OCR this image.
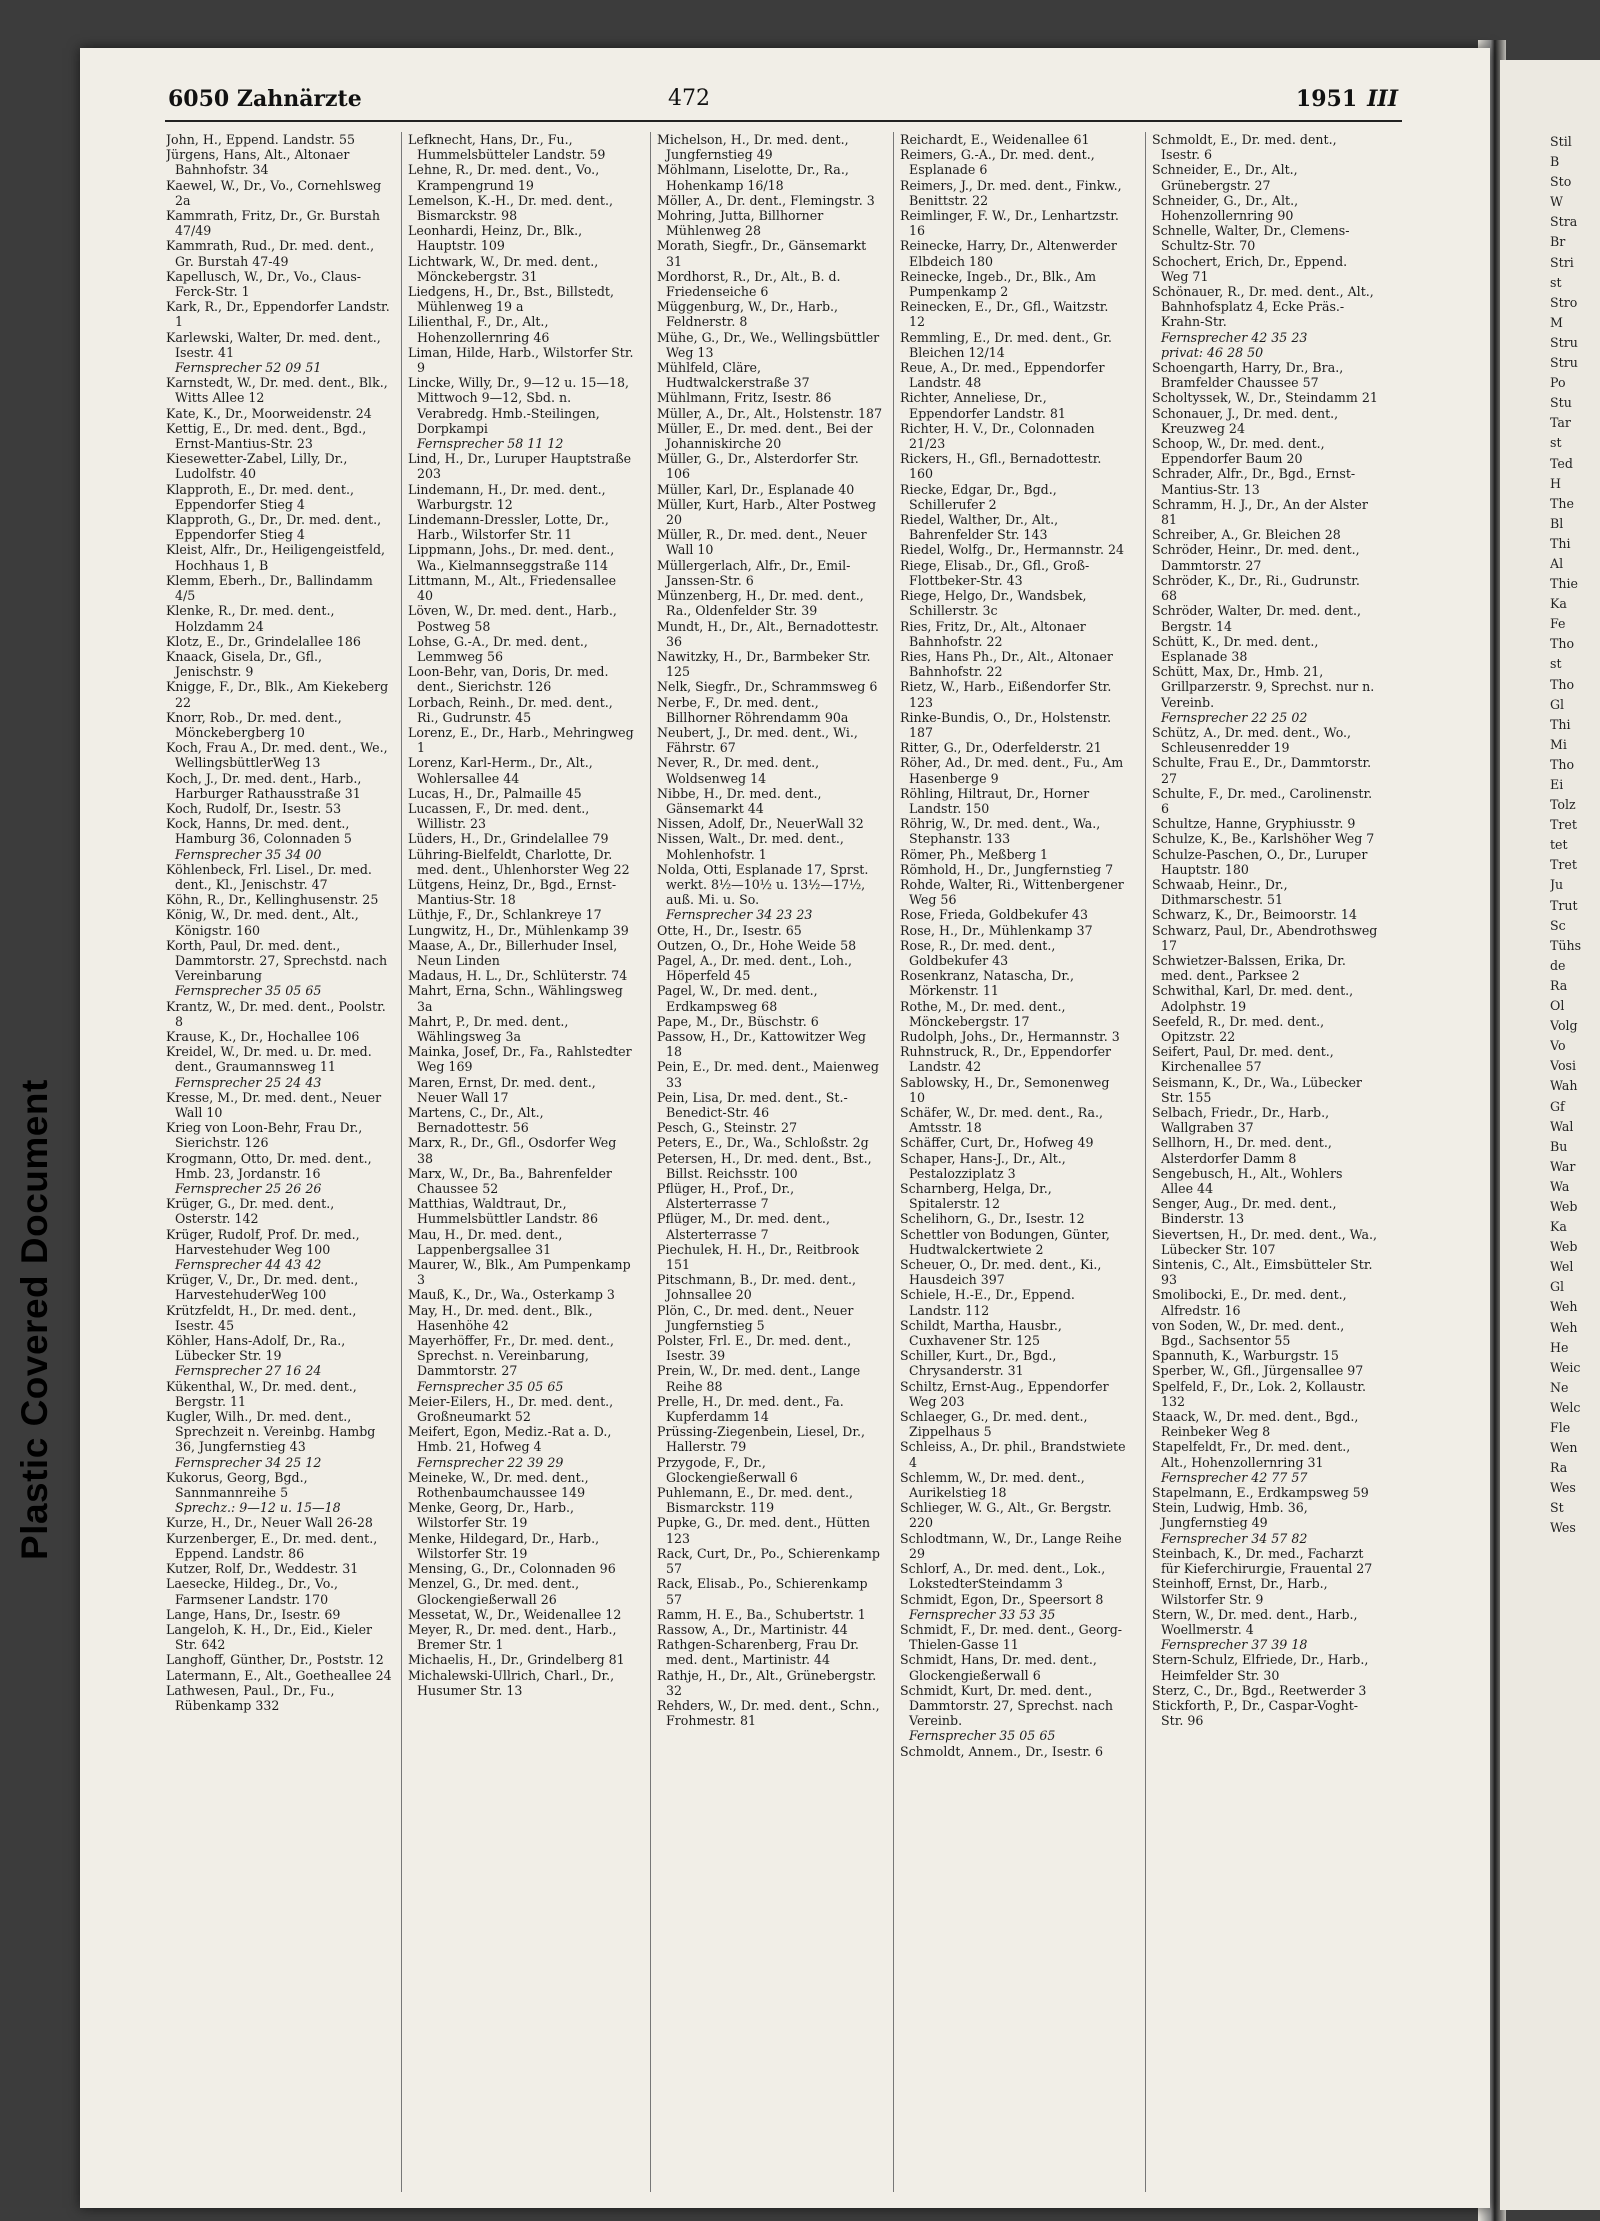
Plastic Covered Document
6050 Zahnärzte	472	1951 III

John, H., Eppend. Landstr. 55

Jürgens, Hans, Alt., Altonaer Bahnhofstr. 34

Kaewel, W., Dr., Vo., Cornehlsweg 2a

Kammrath, Fritz, Dr., Gr. Burstah 47/49

Kammrath, Rud., Dr. med. dent., Gr. Burstah 47-49

Kapellusch, W., Dr., Vo., Claus-Ferck-Str. 1

Kark, R., Dr., Eppendorfer Landstr. 1

Karlewski, Walter, Dr. med. dent., Isestr. 41

Fernsprecher 52 09 51

Karnstedt, W., Dr. med. dent., Blk., Witts Allee 12

Kate, K., Dr., Moorweidenstr. 24

Kettig, E., Dr. med. dent., Bgd., Ernst-Mantius-Str. 23

Kiesewetter-Zabel, Lilly, Dr., Ludolfstr. 40

Klapproth, E., Dr. med. dent., Eppendorfer Stieg 4

Klapproth, G., Dr., Dr. med. dent., Eppendorfer Stieg 4

Kleist, Alfr., Dr., Heiligengeistfeld, Hochhaus 1, B

Klemm, Eberh., Dr., Ballindamm 4/5

Klenke, R., Dr. med. dent., Holzdamm 24

Klotz, E., Dr., Grindelallee 186

Knaack, Gisela, Dr., Gfl., Jenischstr. 9

Knigge, F., Dr., Blk., Am Kiekeberg 22

Knorr, Rob., Dr. med. dent., Mönckebergberg 10

Koch, Frau A., Dr. med. dent., We., WellingsbüttlerWeg 13

Koch, J., Dr. med. dent., Harb., Harburger Rathausstraße 31

Koch, Rudolf, Dr., Isestr. 53

Kock, Hanns, Dr. med. dent., Hamburg 36, Colonnaden 5

Fernsprecher 35 34 00

Köhlenbeck, Frl. Lisel., Dr. med. dent., Kl., Jenischstr. 47

Köhn, R., Dr., Kellinghusenstr. 25

König, W., Dr. med. dent., Alt., Königstr. 160

Korth, Paul, Dr. med. dent., Dammtorstr. 27, Sprechstd. nach Vereinbarung

Fernsprecher 35 05 65

Krantz, W., Dr. med. dent., Poolstr. 8

Krause, K., Dr., Hochallee 106

Kreidel, W., Dr. med. u. Dr. med. dent., Graumannsweg 11

Fernsprecher 25 24 43

Kresse, M., Dr. med. dent., Neuer Wall 10

Krieg von Loon-Behr, Frau Dr., Sierichstr. 126

Krogmann, Otto, Dr. med. dent., Hmb. 23, Jordanstr. 16

Fernsprecher 25 26 26

Krüger, G., Dr. med. dent., Osterstr. 142

Krüger, Rudolf, Prof. Dr. med., Harvestehuder Weg 100

Fernsprecher 44 43 42

Krüger, V., Dr., Dr. med. dent., HarvestehuderWeg 100

Krützfeldt, H., Dr. med. dent., Isestr. 45

Köhler, Hans-Adolf, Dr., Ra., Lübecker Str. 19

Fernsprecher 27 16 24

Kükenthal, W., Dr. med. dent., Bergstr. 11

Kugler, Wilh., Dr. med. dent., Sprechzeit n. Vereinbg. Hambg 36, Jungfernstieg 43

Fernsprecher 34 25 12

Kukorus, Georg, Bgd., Sannmannreihe 5

Sprechz.: 9—12 u. 15—18

Kurze, H., Dr., Neuer Wall 26-28

Kurzenberger, E., Dr. med. dent., Eppend. Landstr. 86

Kutzer, Rolf, Dr., Weddestr. 31

Laesecke, Hildeg., Dr., Vo., Farmsener Landstr. 170

Lange, Hans, Dr., Isestr. 69

Langeloh, K. H., Dr., Eid., Kieler Str. 642

Langhoff, Günther, Dr., Poststr. 12

Latermann, E., Alt., Goetheallee 24

Lathwesen, Paul., Dr., Fu., Rübenkamp 332

Lefknecht, Hans, Dr., Fu., Hummelsbütteler Landstr. 59

Lehne, R., Dr. med. dent., Vo., Krampengrund 19

Lemelson, K.-H., Dr. med. dent., Bismarckstr. 98

Leonhardi, Heinz, Dr., Blk., Hauptstr. 109

Lichtwark, W., Dr. med. dent., Mönckebergstr. 31

Liedgens, H., Dr., Bst., Billstedt, Mühlenweg 19 a

Lilienthal, F., Dr., Alt., Hohenzollernring 46

Liman, Hilde, Harb., Wilstorfer Str. 9

Lincke, Willy, Dr., 9—12 u. 15—18, Mittwoch 9—12, Sbd. n. Verabredg. Hmb.-Steilingen, Dorpkampi

Fernsprecher 58 11 12

Lind, H., Dr., Luruper Hauptstraße 203

Lindemann, H., Dr. med. dent., Warburgstr. 12

Lindemann-Dressler, Lotte, Dr., Harb., Wilstorfer Str. 11

Lippmann, Johs., Dr. med. dent., Wa., Kielmannseggstraße 114

Littmann, M., Alt., Friedensallee 40

Löven, W., Dr. med. dent., Harb., Postweg 58

Lohse, G.-A., Dr. med. dent., Lemmweg 56

Loon-Behr, van, Doris, Dr. med. dent., Sierichstr. 126

Lorbach, Reinh., Dr. med. dent., Ri., Gudrunstr. 45

Lorenz, E., Dr., Harb., Mehringweg 1

Lorenz, Karl-Herm., Dr., Alt., Wohlersallee 44

Lucas, H., Dr., Palmaille 45

Lucassen, F., Dr. med. dent., Willistr. 23

Lüders, H., Dr., Grindelallee 79

Lühring-Bielfeldt, Charlotte, Dr. med. dent., Uhlenhorster Weg 22

Lütgens, Heinz, Dr., Bgd., Ernst-Mantius-Str. 18

Lüthje, F., Dr., Schlankreye 17

Lungwitz, H., Dr., Mühlenkamp 39

Maase, A., Dr., Billerhuder Insel, Neun Linden

Madaus, H. L., Dr., Schlüterstr. 74

Mahrt, Erna, Schn., Wählingsweg 3a

Mahrt, P., Dr. med. dent., Wählingsweg 3a

Mainka, Josef, Dr., Fa., Rahlstedter Weg 169

Maren, Ernst, Dr. med. dent., Neuer Wall 17

Martens, C., Dr., Alt., Bernadottestr. 56

Marx, R., Dr., Gfl., Osdorfer Weg 38

Marx, W., Dr., Ba., Bahrenfelder Chaussee 52

Matthias, Waldtraut, Dr., Hummelsbüttler Landstr. 86

Mau, H., Dr. med. dent., Lappenbergsallee 31

Maurer, W., Blk., Am Pumpenkamp 3

Mauß, K., Dr., Wa., Osterkamp 3

May, H., Dr. med. dent., Blk., Hasenhöhe 42

Mayerhöffer, Fr., Dr. med. dent., Sprechst. n. Vereinbarung, Dammtorstr. 27

Fernsprecher 35 05 65

Meier-Eilers, H., Dr. med. dent., Großneumarkt 52

Meifert, Egon, Mediz.-Rat a. D., Hmb. 21, Hofweg 4

Fernsprecher 22 39 29

Meineke, W., Dr. med. dent., Rothenbaumchaussee 149

Menke, Georg, Dr., Harb., Wilstorfer Str. 19

Menke, Hildegard, Dr., Harb., Wilstorfer Str. 19

Mensing, G., Dr., Colonnaden 96

Menzel, G., Dr. med. dent., Glockengießerwall 26

Messetat, W., Dr., Weidenallee 12

Meyer, R., Dr. med. dent., Harb., Bremer Str. 1

Michaelis, H., Dr., Grindelberg 81

Michalewski-Ullrich, Charl., Dr., Husumer Str. 13

Michelson, H., Dr. med. dent., Jungfernstieg 49

Möhlmann, Liselotte, Dr., Ra., Hohenkamp 16/18

Möller, A., Dr. dent., Flemingstr. 3

Mohring, Jutta, Billhorner Mühlenweg 28

Morath, Siegfr., Dr., Gänsemarkt 31

Mordhorst, R., Dr., Alt., B. d. Friedenseiche 6

Müggenburg, W., Dr., Harb., Feldnerstr. 8

Mühe, G., Dr., We., Wellingsbüttler Weg 13

Mühlfeld, Cläre, Hudtwalckerstraße 37

Mühlmann, Fritz, Isestr. 86

Müller, A., Dr., Alt., Holstenstr. 187

Müller, E., Dr. med. dent., Bei der Johanniskirche 20

Müller, G., Dr., Alsterdorfer Str. 106

Müller, Karl, Dr., Esplanade 40

Müller, Kurt, Harb., Alter Postweg 20

Müller, R., Dr. med. dent., Neuer Wall 10

Müllergerlach, Alfr., Dr., Emil-Janssen-Str. 6

Münzenberg, H., Dr. med. dent., Ra., Oldenfelder Str. 39

Mundt, H., Dr., Alt., Bernadottestr. 36

Nawitzky, H., Dr., Barmbeker Str. 125

Nelk, Siegfr., Dr., Schrammsweg 6

Nerbe, F., Dr. med. dent., Billhorner Röhrendamm 90a

Neubert, J., Dr. med. dent., Wi., Fährstr. 67

Never, R., Dr. med. dent., Woldsenweg 14

Nibbe, H., Dr. med. dent., Gänsemarkt 44

Nissen, Adolf, Dr., NeuerWall 32

Nissen, Walt., Dr. med. dent., Mohlenhofstr. 1

Nolda, Otti, Esplanade 17, Sprst. werkt. 8½—10½ u. 13½—17½, auß. Mi. u. So.

Fernsprecher 34 23 23

Otte, H., Dr., Isestr. 65

Outzen, O., Dr., Hohe Weide 58

Pagel, A., Dr. med. dent., Loh., Höperfeld 45

Pagel, W., Dr. med. dent., Erdkampsweg 68

Pape, M., Dr., Büschstr. 6

Passow, H., Dr., Kattowitzer Weg 18

Pein, E., Dr. med. dent., Maienweg 33

Pein, Lisa, Dr. med. dent., St.-Benedict-Str. 46

Pesch, G., Steinstr. 27

Peters, E., Dr., Wa., Schloßstr. 2g

Petersen, H., Dr. med. dent., Bst., Billst. Reichsstr. 100

Pflüger, H., Prof., Dr., Alsterterrasse 7

Pflüger, M., Dr. med. dent., Alsterterrasse 7

Piechulek, H. H., Dr., Reitbrook 151

Pitschmann, B., Dr. med. dent., Johnsallee 20

Plön, C., Dr. med. dent., Neuer Jungfernstieg 5

Polster, Frl. E., Dr. med. dent., Isestr. 39

Prein, W., Dr. med. dent., Lange Reihe 88

Prelle, H., Dr. med. dent., Fa. Kupferdamm 14

Prüssing-Ziegenbein, Liesel, Dr., Hallerstr. 79

Przygode, F., Dr., Glockengießerwall 6

Puhlemann, E., Dr. med. dent., Bismarckstr. 119

Pupke, G., Dr. med. dent., Hütten 123

Rack, Curt, Dr., Po., Schierenkamp 57

Rack, Elisab., Po., Schierenkamp 57

Ramm, H. E., Ba., Schubertstr. 1

Rassow, A., Dr., Martinistr. 44

Rathgen-Scharenberg, Frau Dr. med. dent., Martinistr. 44

Rathje, H., Dr., Alt., Grünebergstr. 32

Rehders, W., Dr. med. dent., Schn., Frohmestr. 81

Reichardt, E., Weidenallee 61

Reimers, G.-A., Dr. med. dent., Esplanade 6

Reimers, J., Dr. med. dent., Finkw., Benittstr. 22

Reimlinger, F. W., Dr., Lenhartzstr. 16

Reinecke, Harry, Dr., Altenwerder Elbdeich 180

Reinecke, Ingeb., Dr., Blk., Am Pumpenkamp 2

Reinecken, E., Dr., Gfl., Waitzstr. 12

Remmling, E., Dr. med. dent., Gr. Bleichen 12/14

Reue, A., Dr. med., Eppendorfer Landstr. 48

Richter, Anneliese, Dr., Eppendorfer Landstr. 81

Richter, H. V., Dr., Colonnaden 21/23

Rickers, H., Gfl., Bernadottestr. 160

Riecke, Edgar, Dr., Bgd., Schillerufer 2

Riedel, Walther, Dr., Alt., Bahrenfelder Str. 143

Riedel, Wolfg., Dr., Hermannstr. 24

Riege, Elisab., Dr., Gfl., Groß-Flottbeker-Str. 43

Riege, Helgo, Dr., Wandsbek, Schillerstr. 3c

Ries, Fritz, Dr., Alt., Altonaer Bahnhofstr. 22

Ries, Hans Ph., Dr., Alt., Altonaer Bahnhofstr. 22

Rietz, W., Harb., Eißendorfer Str. 123

Rinke-Bundis, O., Dr., Holstenstr. 187

Ritter, G., Dr., Oderfelderstr. 21

Röher, Ad., Dr. med. dent., Fu., Am Hasenberge 9

Röhling, Hiltraut, Dr., Horner Landstr. 150

Röhrig, W., Dr. med. dent., Wa., Stephanstr. 133

Römer, Ph., Meßberg 1

Römhold, H., Dr., Jungfernstieg 7

Rohde, Walter, Ri., Wittenbergener Weg 56

Rose, Frieda, Goldbekufer 43

Rose, H., Dr., Mühlenkamp 37

Rose, R., Dr. med. dent., Goldbekufer 43

Rosenkranz, Natascha, Dr., Mörkenstr. 11

Rothe, M., Dr. med. dent., Mönckebergstr. 17

Rudolph, Johs., Dr., Hermannstr. 3

Ruhnstruck, R., Dr., Eppendorfer Landstr. 42

Sablowsky, H., Dr., Semonenweg 10

Schäfer, W., Dr. med. dent., Ra., Amtsstr. 18

Schäffer, Curt, Dr., Hofweg 49

Schaper, Hans-J., Dr., Alt., Pestalozziplatz 3

Scharnberg, Helga, Dr., Spitalerstr. 12

Schelihorn, G., Dr., Isestr. 12

Schettler von Bodungen, Günter, Hudtwalckertwiete 2

Scheuer, O., Dr. med. dent., Ki., Hausdeich 397

Schiele, H.-E., Dr., Eppend. Landstr. 112

Schildt, Martha, Hausbr., Cuxhavener Str. 125

Schiller, Kurt., Dr., Bgd., Chrysanderstr. 31

Schiltz, Ernst-Aug., Eppendorfer Weg 203

Schlaeger, G., Dr. med. dent., Zippelhaus 5

Schleiss, A., Dr. phil., Brandstwiete 4

Schlemm, W., Dr. med. dent., Aurikelstieg 18

Schlieger, W. G., Alt., Gr. Bergstr. 220

Schlodtmann, W., Dr., Lange Reihe 29

Schlorf, A., Dr. med. dent., Lok., LokstedterSteindamm 3

Schmidt, Egon, Dr., Speersort 8

Fernsprecher 33 53 35

Schmidt, F., Dr. med. dent., Georg-Thielen-Gasse 11

Schmidt, Hans, Dr. med. dent., Glockengießerwall 6

Schmidt, Kurt, Dr. med. dent., Dammtorstr. 27, Sprechst. nach Vereinb.

Fernsprecher 35 05 65

Schmoldt, Annem., Dr., Isestr. 6

Schmoldt, E., Dr. med. dent., Isestr. 6

Schneider, E., Dr., Alt., Grünebergstr. 27

Schneider, G., Dr., Alt., Hohenzollernring 90

Schnelle, Walter, Dr., Clemens-Schultz-Str. 70

Schochert, Erich, Dr., Eppend. Weg 71

Schönauer, R., Dr. med. dent., Alt., Bahnhofsplatz 4, Ecke Präs.-Krahn-Str.

Fernsprecher 42 35 23

privat: 46 28 50

Schoengarth, Harry, Dr., Bra., Bramfelder Chaussee 57

Scholtyssek, W., Dr., Steindamm 21

Schonauer, J., Dr. med. dent., Kreuzweg 24

Schoop, W., Dr. med. dent., Eppendorfer Baum 20

Schrader, Alfr., Dr., Bgd., Ernst-Mantius-Str. 13

Schramm, H. J., Dr., An der Alster 81

Schreiber, A., Gr. Bleichen 28

Schröder, Heinr., Dr. med. dent., Dammtorstr. 27

Schröder, K., Dr., Ri., Gudrunstr. 68

Schröder, Walter, Dr. med. dent., Bergstr. 14

Schütt, K., Dr. med. dent., Esplanade 38

Schütt, Max, Dr., Hmb. 21, Grillparzerstr. 9, Sprechst. nur n. Vereinb.

Fernsprecher 22 25 02

Schütz, A., Dr. med. dent., Wo., Schleusenredder 19

Schulte, Frau E., Dr., Dammtorstr. 27

Schulte, F., Dr. med., Carolinenstr. 6

Schultze, Hanne, Gryphiusstr. 9

Schulze, K., Be., Karlshöher Weg 7

Schulze-Paschen, O., Dr., Luruper Hauptstr. 180

Schwaab, Heinr., Dr., Dithmarschestr. 51

Schwarz, K., Dr., Beimoorstr. 14

Schwarz, Paul, Dr., Abendrothsweg 17

Schwietzer-Balssen, Erika, Dr. med. dent., Parksee 2

Schwithal, Karl, Dr. med. dent., Adolphstr. 19

Seefeld, R., Dr. med. dent., Opitzstr. 22

Seifert, Paul, Dr. med. dent., Kirchenallee 57

Seismann, K., Dr., Wa., Lübecker Str. 155

Selbach, Friedr., Dr., Harb., Wallgraben 37

Sellhorn, H., Dr. med. dent., Alsterdorfer Damm 8

Sengebusch, H., Alt., Wohlers Allee 44

Senger, Aug., Dr. med. dent., Binderstr. 13

Sievertsen, H., Dr. med. dent., Wa., Lübecker Str. 107

Sintenis, C., Alt., Eimsbütteler Str. 93

Smolibocki, E., Dr. med. dent., Alfredstr. 16

von Soden, W., Dr. med. dent., Bgd., Sachsentor 55

Spannuth, K., Warburgstr. 15

Sperber, W., Gfl., Jürgensallee 97

Spelfeld, F., Dr., Lok. 2, Kollaustr. 132

Staack, W., Dr. med. dent., Bgd., Reinbeker Weg 8

Stapelfeldt, Fr., Dr. med. dent., Alt., Hohenzollernring 31

Fernsprecher 42 77 57

Stapelmann, E., Erdkampsweg 59

Stein, Ludwig, Hmb. 36, Jungfernstieg 49

Fernsprecher 34 57 82

Steinbach, K., Dr. med., Facharzt für Kieferchirurgie, Frauental 27

Steinhoff, Ernst, Dr., Harb., Wilstorfer Str. 9

Stern, W., Dr. med. dent., Harb., Woellmerstr. 4

Fernsprecher 37 39 18

Stern-Schulz, Elfriede, Dr., Harb., Heimfelder Str. 30

Sterz, C., Dr., Bgd., Reetwerder 3

Stickforth, P., Dr., Caspar-Voght-Str. 96

Stil
B
Sto
W
Stra
Br
Stri
st
Stro
M
Stru
Stru
Po
Stu
Tar
st
Ted
H
The
Bl
Thi
Al
Thie
Ka
Fe
Tho
st
Tho
Gl
Thi
Mi
Tho
Ei
Tolz
Tret
tet
Tret
Ju
Trut
Sc
Tühs
de
Ra
Ol
Volg
Vo
Vosi
Wah
Gf
Wal
Bu
War
Wa
Web
Ka
Web
Wel
Gl
Weh
Weh
He
Weic
Ne
Welc
Fle
Wen
Ra
Wes
St
Wes
